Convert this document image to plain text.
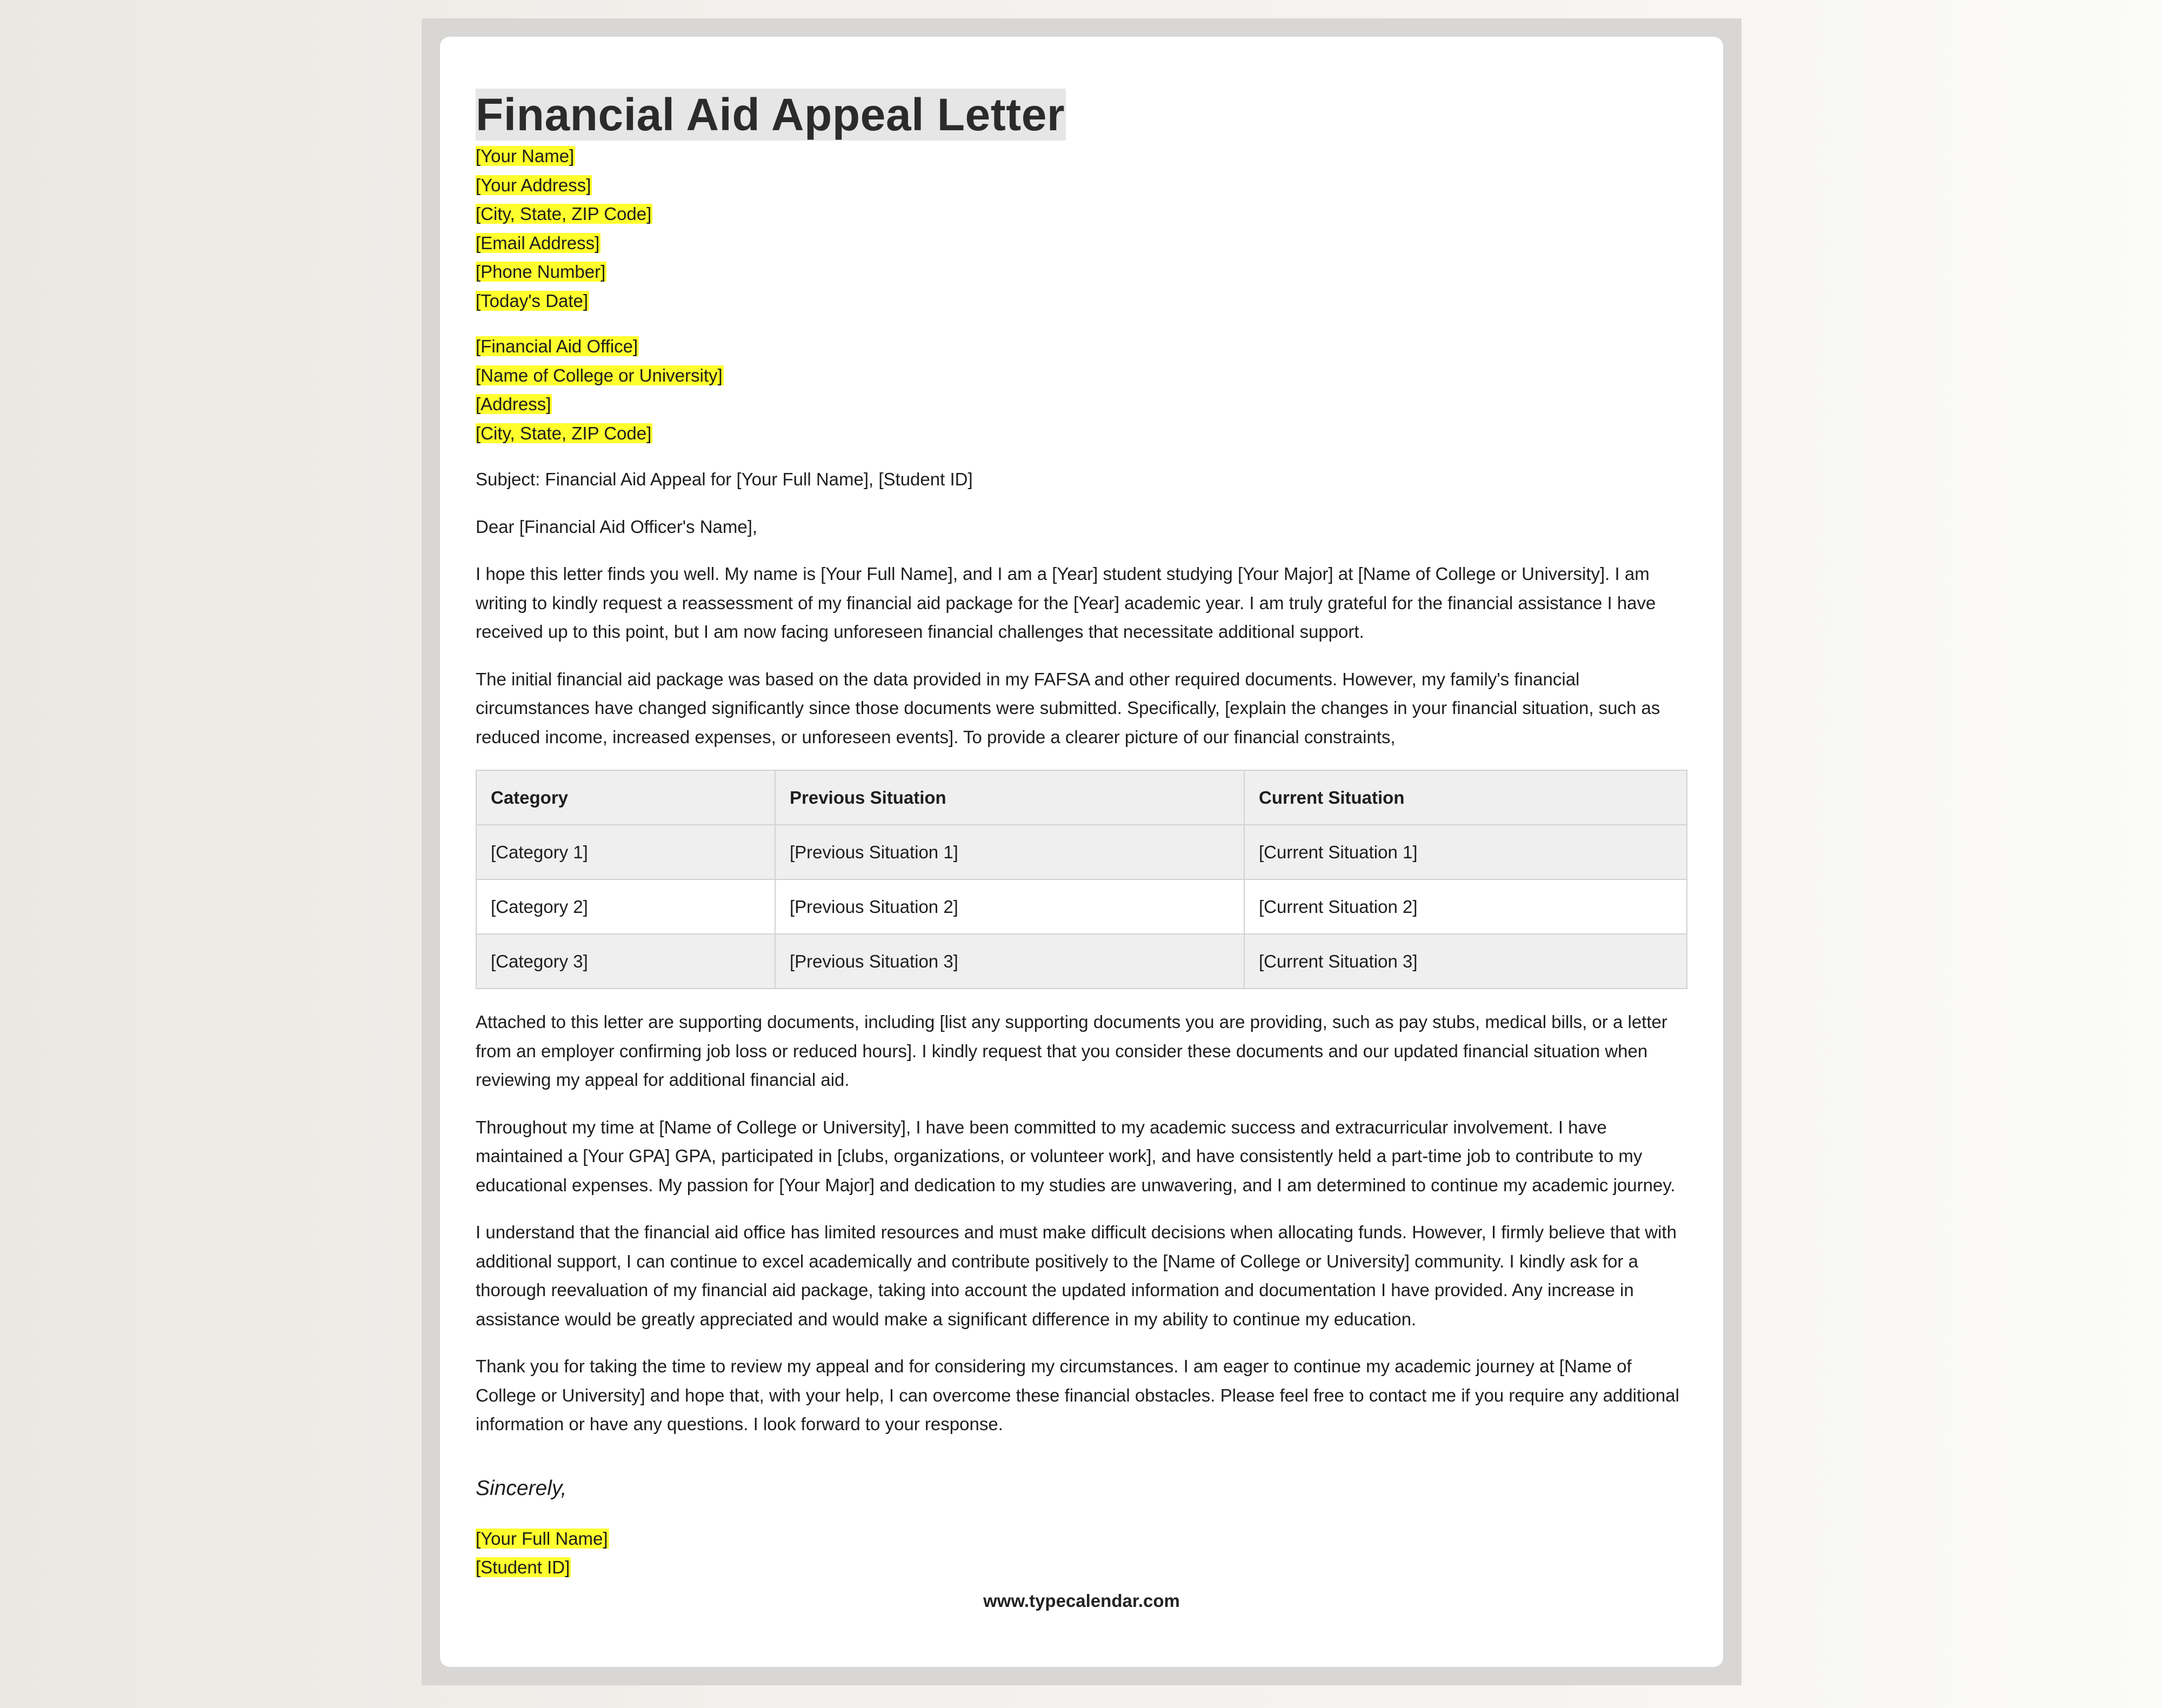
Financial Aid Appeal Letter
[Your Name]
[Your Address]
[City, State, ZIP Code]
[Email Address]
[Phone Number]
[Today's Date]
[Financial Aid Office]
[Name of College or University]
[Address]
[City, State, ZIP Code]

Subject: Financial Aid Appeal for [Your Full Name], [Student ID]

Dear [Financial Aid Officer's Name],

I hope this letter finds you well. My name is [Your Full Name], and I am a [Year] student studying [Your Major] at [Name of College or University]. I am writing to kindly request a reassessment of my financial aid package for the [Year] academic year. I am truly grateful for the financial assistance I have received up to this point, but I am now facing unforeseen financial challenges that necessitate additional support.

The initial financial aid package was based on the data provided in my FAFSA and other required documents. However, my family's financial circumstances have changed significantly since those documents were submitted. Specifically, [explain the changes in your financial situation, such as reduced income, increased expenses, or unforeseen events]. To provide a clearer picture of our financial constraints,

Category	Previous Situation	Current Situation
[Category 1]	[Previous Situation 1]	[Current Situation 1]
[Category 2]	[Previous Situation 2]	[Current Situation 2]
[Category 3]	[Previous Situation 3]	[Current Situation 3]

Attached to this letter are supporting documents, including [list any supporting documents you are providing, such as pay stubs, medical bills, or a letter from an employer confirming job loss or reduced hours]. I kindly request that you consider these documents and our updated financial situation when reviewing my appeal for additional financial aid.

Throughout my time at [Name of College or University], I have been committed to my academic success and extracurricular involvement. I have maintained a [Your GPA] GPA, participated in [clubs, organizations, or volunteer work], and have consistently held a part-time job to contribute to my educational expenses. My passion for [Your Major] and dedication to my studies are unwavering, and I am determined to continue my academic journey.

I understand that the financial aid office has limited resources and must make difficult decisions when allocating funds. However, I firmly believe that with additional support, I can continue to excel academically and contribute positively to the [Name of College or University] community. I kindly ask for a thorough reevaluation of my financial aid package, taking into account the updated information and documentation I have provided. Any increase in assistance would be greatly appreciated and would make a significant difference in my ability to continue my education.

Thank you for taking the time to review my appeal and for considering my circumstances. I am eager to continue my academic journey at [Name of College or University] and hope that, with your help, I can overcome these financial obstacles. Please feel free to contact me if you require any additional information or have any questions. I look forward to your response.

Sincerely,

[Your Full Name]
[Student ID]
www.typecalendar.com
